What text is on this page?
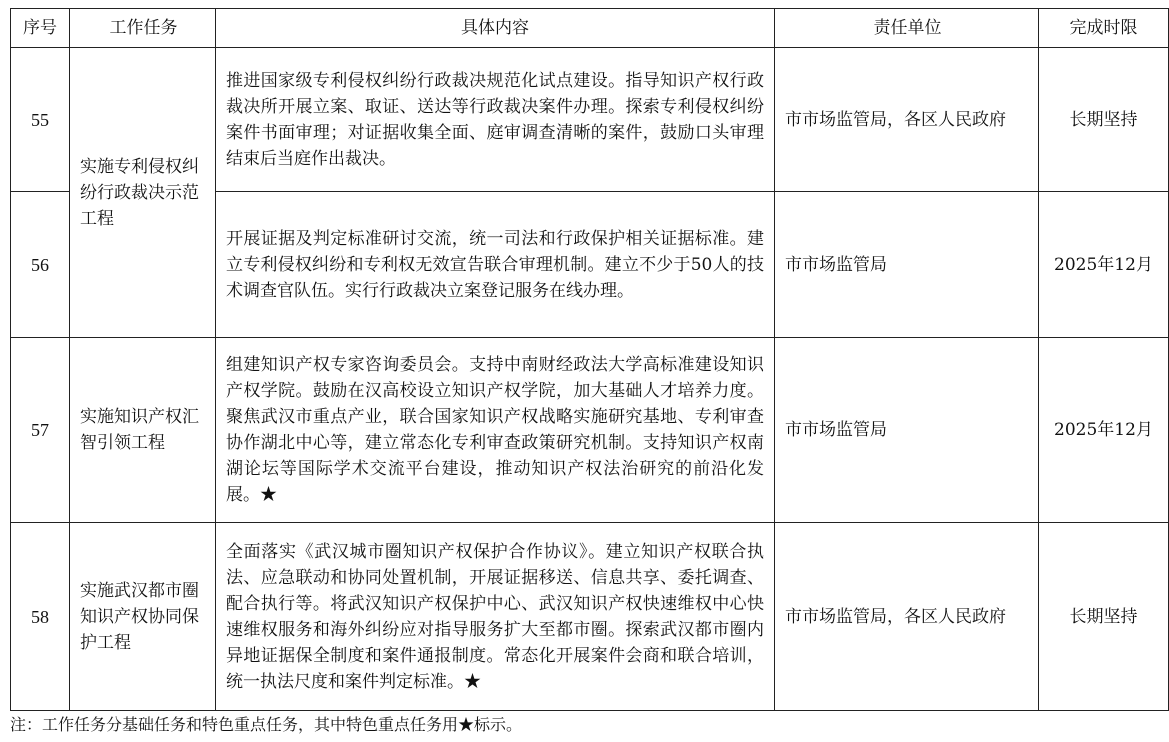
序号	工作任务	具体内容	责任单位	完成时限
55	实施专利侵权纠纷行政裁决示范工程	推进国家级专利侵权纠纷行政裁决规范化试点建设。指导知识产权行政裁决所开展立案、取证、送达等行政裁决案件办理。探索专利侵权纠纷案件书面审理；对证据收集全面、庭审调查清晰的案件，鼓励口头审理结束后当庭作出裁决。	市市场监管局，各区人民政府	长期坚持
56		开展证据及判定标准研讨交流，统一司法和行政保护相关证据标准。建立专利侵权纠纷和专利权无效宣告联合审理机制。建立不少于50人的技术调查官队伍。实行行政裁决立案登记服务在线办理。	市市场监管局	2025年12月
57	实施知识产权汇智引领工程	组建知识产权专家咨询委员会。支持中南财经政法大学高标准建设知识产权学院。鼓励在汉高校设立知识产权学院，加大基础人才培养力度。聚焦武汉市重点产业，联合国家知识产权战略实施研究基地、专利审查协作湖北中心等，建立常态化专利审查政策研究机制。支持知识产权南湖论坛等国际学术交流平台建设，推动知识产权法治研究的前沿化发展。★	市市场监管局	2025年12月
58	实施武汉都市圈知识产权协同保护工程	全面落实《武汉城市圈知识产权保护合作协议》。建立知识产权联合执法、应急联动和协同处置机制，开展证据移送、信息共享、委托调查、配合执行等。将武汉知识产权保护中心、武汉知识产权快速维权中心快速维权服务和海外纠纷应对指导服务扩大至都市圈。探索武汉都市圈内异地证据保全制度和案件通报制度。常态化开展案件会商和联合培训，统一执法尺度和案件判定标准。★	市市场监管局，各区人民政府	长期坚持
注：工作任务分基础任务和特色重点任务，其中特色重点任务用★标示。
